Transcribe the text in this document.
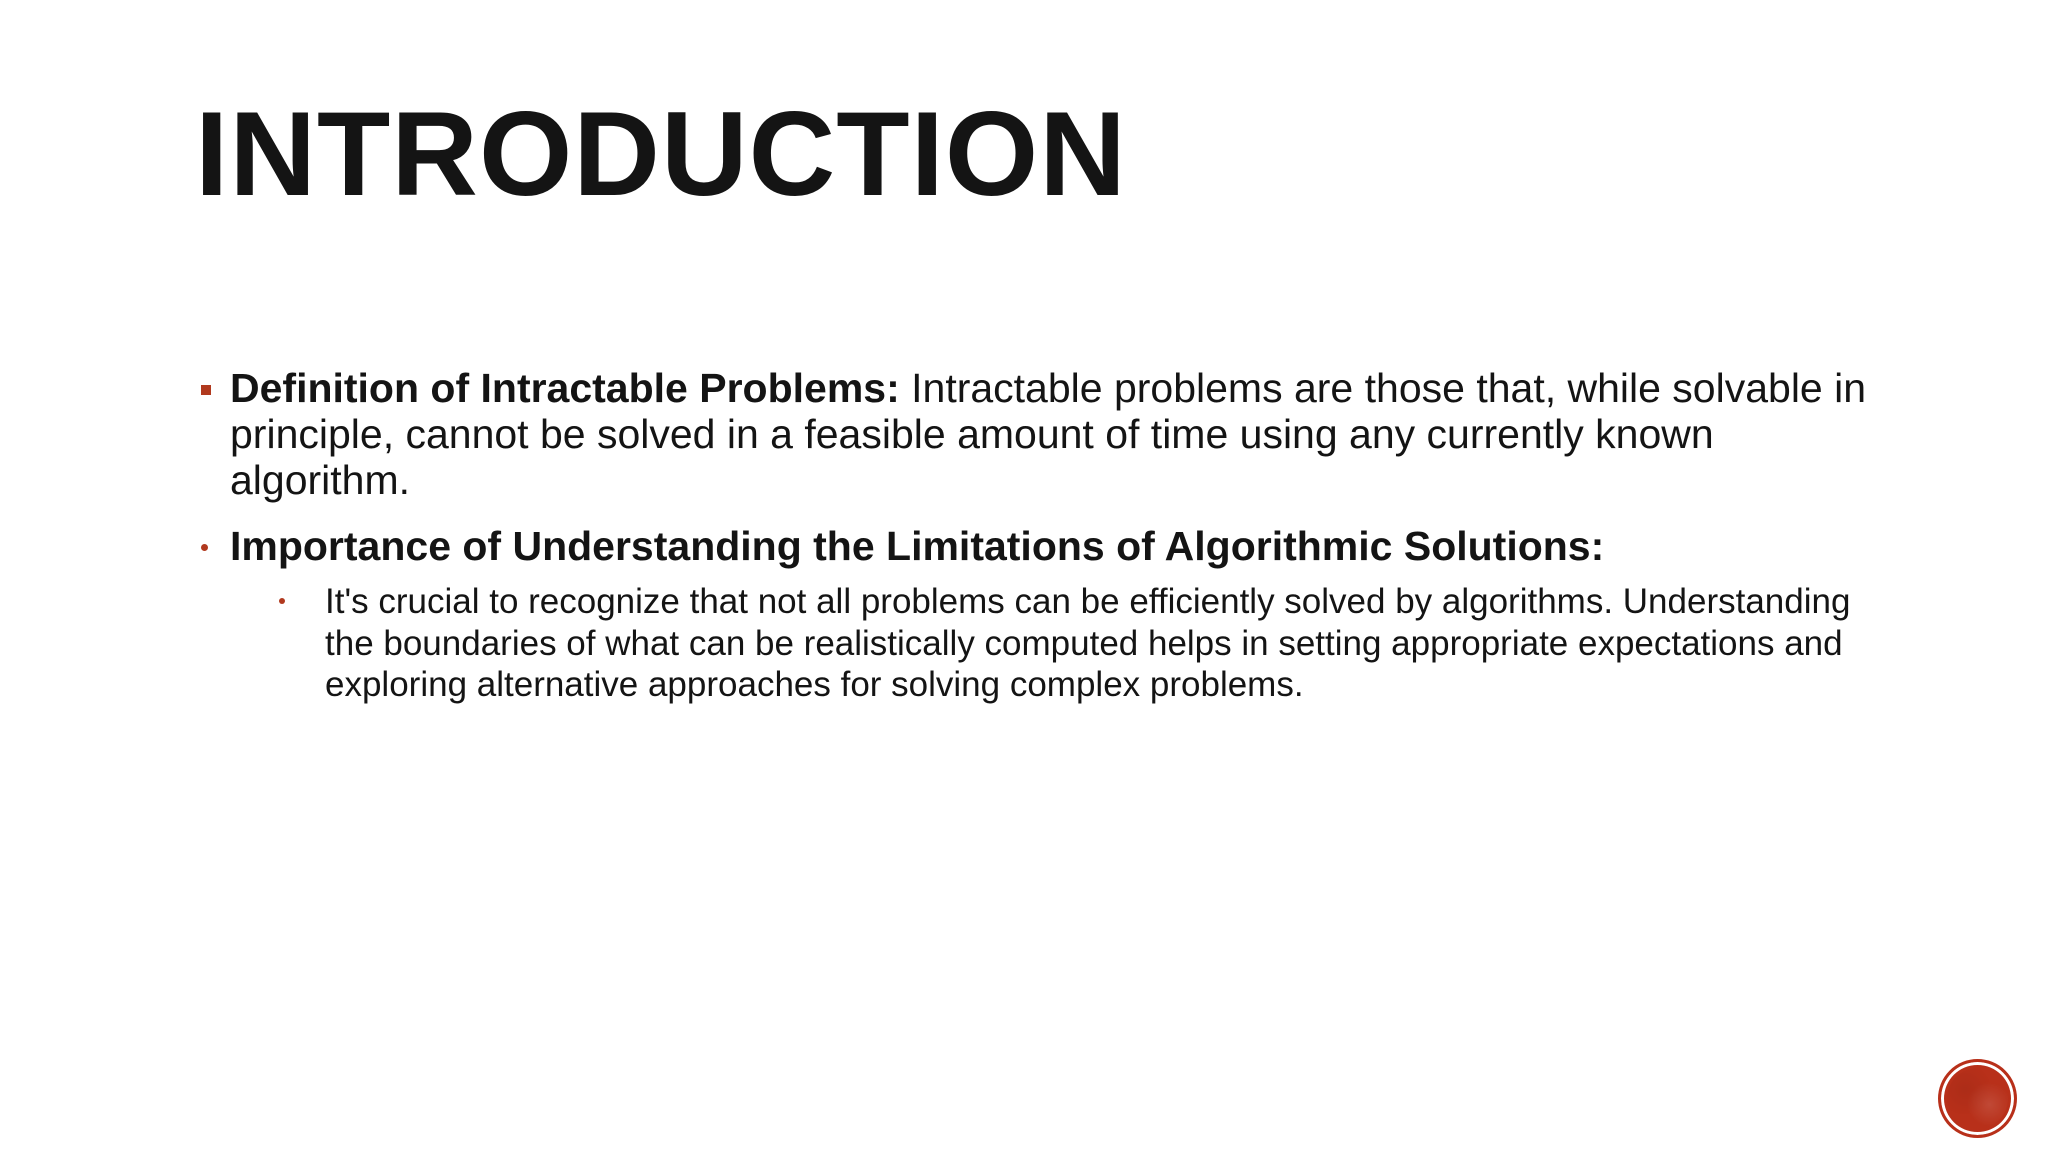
INTRODUCTION
Definition of Intractable Problems: Intractable problems are those that, while solvable in principle, cannot be solved in a feasible amount of time using any currently known algorithm.
Importance of Understanding the Limitations of Algorithmic Solutions:
It's crucial to recognize that not all problems can be efficiently solved by algorithms. Understanding the boundaries of what can be realistically computed helps in setting appropriate expectations and exploring alternative approaches for solving complex problems.
